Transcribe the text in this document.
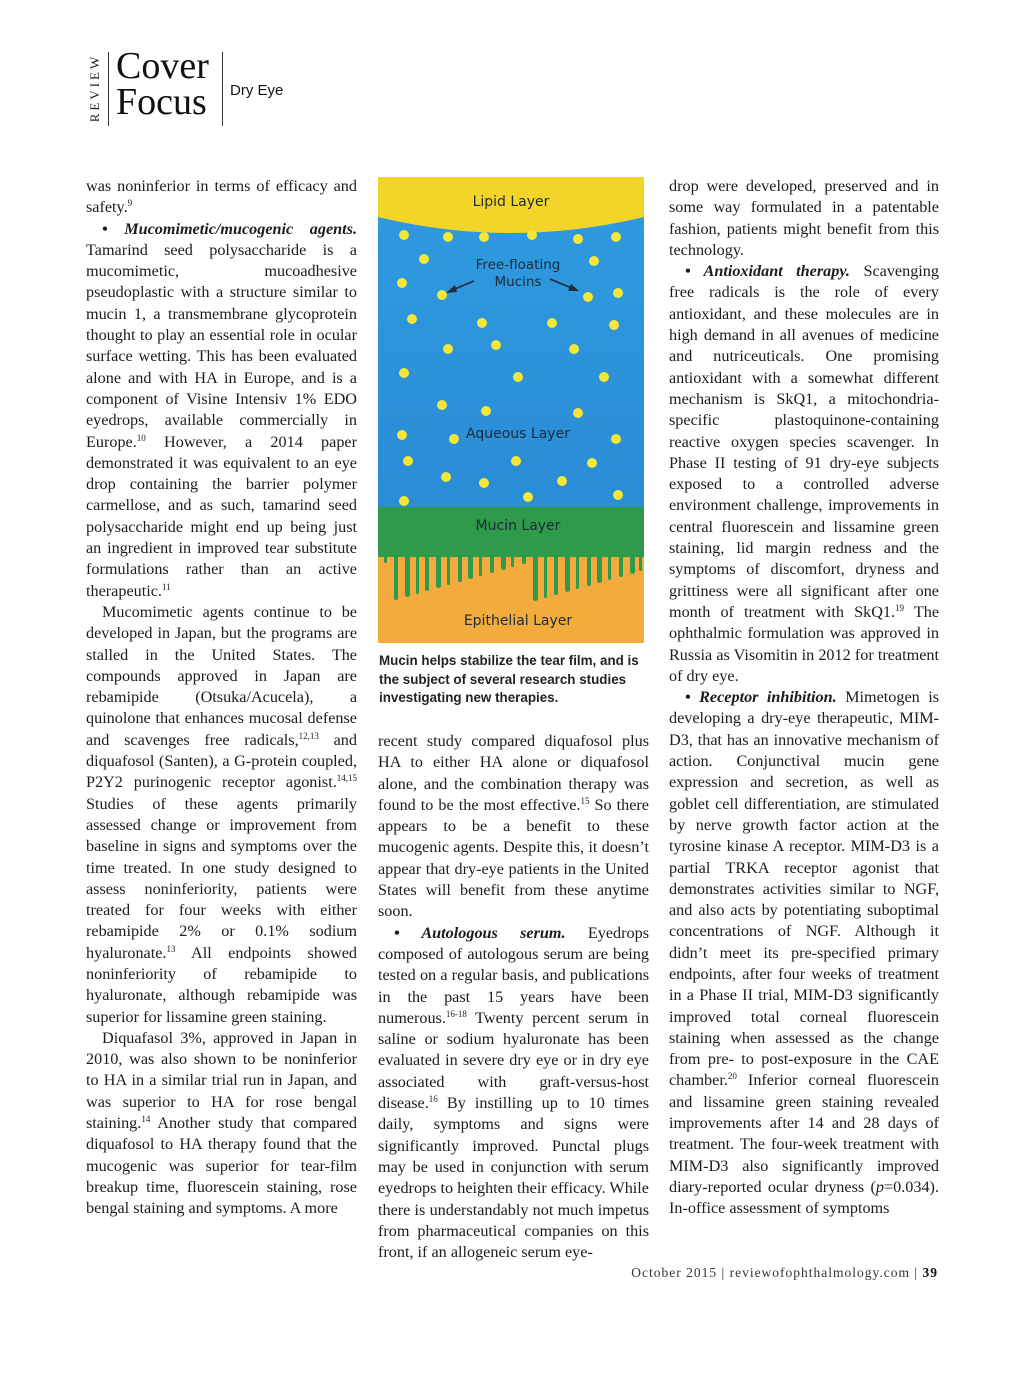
REVIEW Cover
Focus Dry Eye

was noninferior in terms of efficacy and safety.$^9$

• Mucomimetic/mucogenic agents. Tamarind seed polysaccharide is a mucomimetic, mucoadhesive pseudoplastic with a structure similar to mucin 1, a transmembrane glycoprotein thought to play an essential role in ocular surface wetting. This has been evaluated alone and with HA in Europe, and is a component of Visine Intensiv 1% EDO eyedrops, available commercially in Europe.$^{10}$ However, a 2014 paper demonstrated it was equivalent to an eye drop containing the barrier polymer carmellose, and as such, tamarind seed polysaccharide might end up being just an ingredient in improved tear substitute formulations rather than an active therapeutic.$^{11}$

Mucomimetic agents continue to be developed in Japan, but the programs are stalled in the United States. The compounds approved in Japan are rebamipide (Otsuka/Acucela), a quinolone that enhances mucosal defense and scavenges free radicals,$^{12,13}$ and diquafosol (Santen), a G-protein coupled, P2Y2 purinogenic receptor agonist.$^{14,15}$ Studies of these agents primarily assessed change or improvement from baseline in signs and symptoms over the time treated. In one study designed to assess noninferiority, patients were treated for four weeks with either rebamipide 2% or 0.1% sodium hyaluronate.$^{13}$ All endpoints showed noninferiority of rebamipide to hyaluronate, although rebamipide was superior for lissamine green staining.

Diquafasol 3%, approved in Japan in 2010, was also shown to be noninferior to HA in a similar trial run in Japan, and was superior to HA for rose bengal staining.$^{14}$ Another study that compared diquafosol to HA therapy found that the mucogenic was superior for tear-film breakup time, fluorescein staining, rose bengal staining and symptoms. A more

Lipid Layer
Free-floating
Mucins
Aqueous Layer
Mucin Layer
Epithelial Layer
Mucin helps stabilize the tear film, and is the subject of several research studies investigating new therapies.

recent study compared diquafosol plus HA to either HA alone or diquafosol alone, and the combination therapy was found to be the most effective.$^{15}$ So there appears to be a benefit to these mucogenic agents. Despite this, it doesn’t appear that dry-eye patients in the United States will benefit from these anytime soon.

• Autologous serum. Eyedrops composed of autologous serum are being tested on a regular basis, and publications in the past 15 years have been numerous.$^{16-18}$ Twenty percent serum in saline or sodium hyaluronate has been evaluated in severe dry eye or in dry eye associated with graft-versus-host disease.$^{16}$ By instilling up to 10 times daily, symptoms and signs were significantly improved. Punctal plugs may be used in conjunction with serum eyedrops to heighten their efficacy. While there is understandably not much impetus from pharmaceutical companies on this front, if an allogeneic serum eye-

drop were developed, preserved and in some way formulated in a patentable fashion, patients might benefit from this technology.

• Antioxidant therapy. Scavenging free radicals is the role of every antioxidant, and these molecules are in high demand in all avenues of medicine and nutriceuticals. One promising antioxidant with a somewhat different mechanism is SkQ1, a mitochondria-specific plastoquinone-containing reactive oxygen species scavenger. In Phase II testing of 91 dry-eye subjects exposed to a controlled adverse environment challenge, improvements in central fluorescein and lissamine green staining, lid margin redness and the symptoms of discomfort, dryness and grittiness were all significant after one month of treatment with SkQ1.19 The ophthalmic formulation was approved in Russia as Visomitin in 2012 for treatment of dry eye.

• Receptor inhibition. Mimetogen is developing a dry-eye therapeutic, MIM-D3, that has an innovative mechanism of action. Conjunctival mucin gene expression and secretion, as well as goblet cell differentiation, are stimulated by nerve growth factor action at the tyrosine kinase A receptor. MIM-D3 is a partial TRKA receptor agonist that demonstrates activities similar to NGF, and also acts by potentiating suboptimal concentrations of NGF. Although it didn’t meet its pre-specified primary endpoints, after four weeks of treatment in a Phase II trial, MIM-D3 significantly improved total corneal fluorescein staining when assessed as the change from pre- to post-exposure in the CAE chamber.$^{20}$ Inferior corneal fluorescein and lissamine green staining revealed improvements after 14 and 28 days of treatment. The four-week treatment with MIM-D3 also significantly improved diary-reported ocular dryness (p=0.034). In-office assessment of symptoms

October 2015 | reviewofophthalmology.com | 39
